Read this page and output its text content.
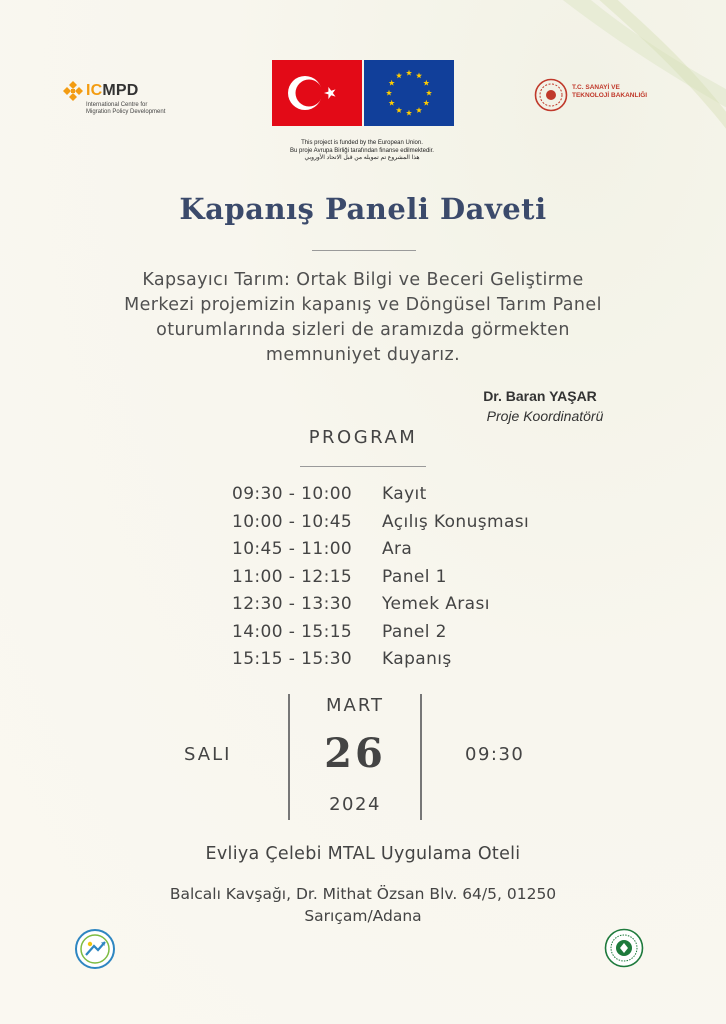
ICMPD
International Centre for
Migration Policy Development
This project is funded by the European Union.
Bu proje Avrupa Birliği tarafından finanse edilmektedir.
هذا المشروع تم تمويله من قبل الاتحاد الأوروبي
T.C. SANAYİ VE
TEKNOLOJİ BAKANLIĞI
Kapanış Paneli Daveti
Kapsayıcı Tarım: Ortak Bilgi ve Beceri Geliştirme
Merkezi projemizin kapanış ve Döngüsel Tarım Panel
oturumlarında sizleri de aramızda görmekten
memnuniyet duyarız.
Dr. Baran YAŞAR
Proje Koordinatörü
PROGRAM
09:30 - 10:00 Kayıt
10:00 - 10:45 Açılış Konuşması
10:45 - 11:00 Ara
11:00 - 12:15 Panel 1
12:30 - 13:30 Yemek Arası
14:00 - 15:15 Panel 2
15:15 - 15:30 Kapanış
SALI
MART
26
2024
09:30
Evliya Çelebi MTAL Uygulama Oteli
Balcalı Kavşağı, Dr. Mithat Özsan Blv. 64/5, 01250
Sarıçam/Adana
